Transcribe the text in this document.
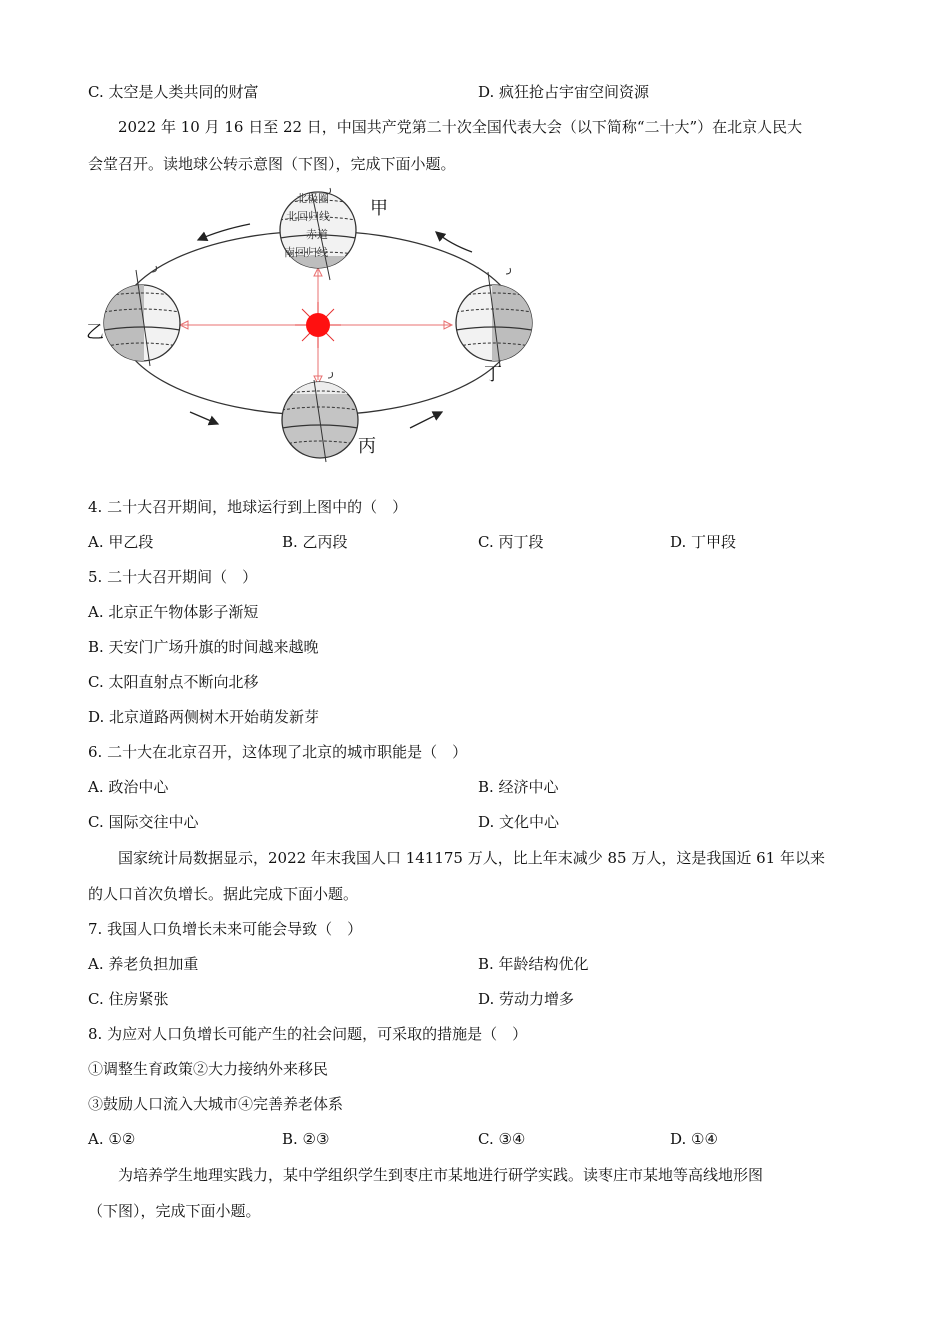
C. 太空是人类共同的财富	D. 疯狂抢占宇宙空间资源
2022 年 10 月 16 日至 22 日，中国共产党第二十次全国代表大会（以下简称“二十大”）在北京人民大
会堂召开。读地球公转示意图（下图），完成下面小题。
北极圈
北回归线
赤道
南回归线
甲
乙
丙
丁
4. 二十大召开期间，地球运行到上图中的（　）
A. 甲乙段	B. 乙丙段	C. 丙丁段	D. 丁甲段
5. 二十大召开期间（　）
A. 北京正午物体影子渐短
B. 天安门广场升旗的时间越来越晚
C. 太阳直射点不断向北移
D. 北京道路两侧树木开始萌发新芽
6. 二十大在北京召开，这体现了北京的城市职能是（　）
A. 政治中心	B. 经济中心
C. 国际交往中心	D. 文化中心
国家统计局数据显示，2022 年末我国人口 141175 万人，比上年末减少 85 万人，这是我国近 61 年以来
的人口首次负增长。据此完成下面小题。
7. 我国人口负增长未来可能会导致（　）
A. 养老负担加重	B. 年龄结构优化
C. 住房紧张	D. 劳动力增多
8. 为应对人口负增长可能产生的社会问题，可采取的措施是（　）
①调整生育政策②大力接纳外来移民
③鼓励人口流入大城市④完善养老体系
A. ①②	B. ②③	C. ③④	D. ①④
为培养学生地理实践力，某中学组织学生到枣庄市某地进行研学实践。读枣庄市某地等高线地形图
（下图），完成下面小题。
